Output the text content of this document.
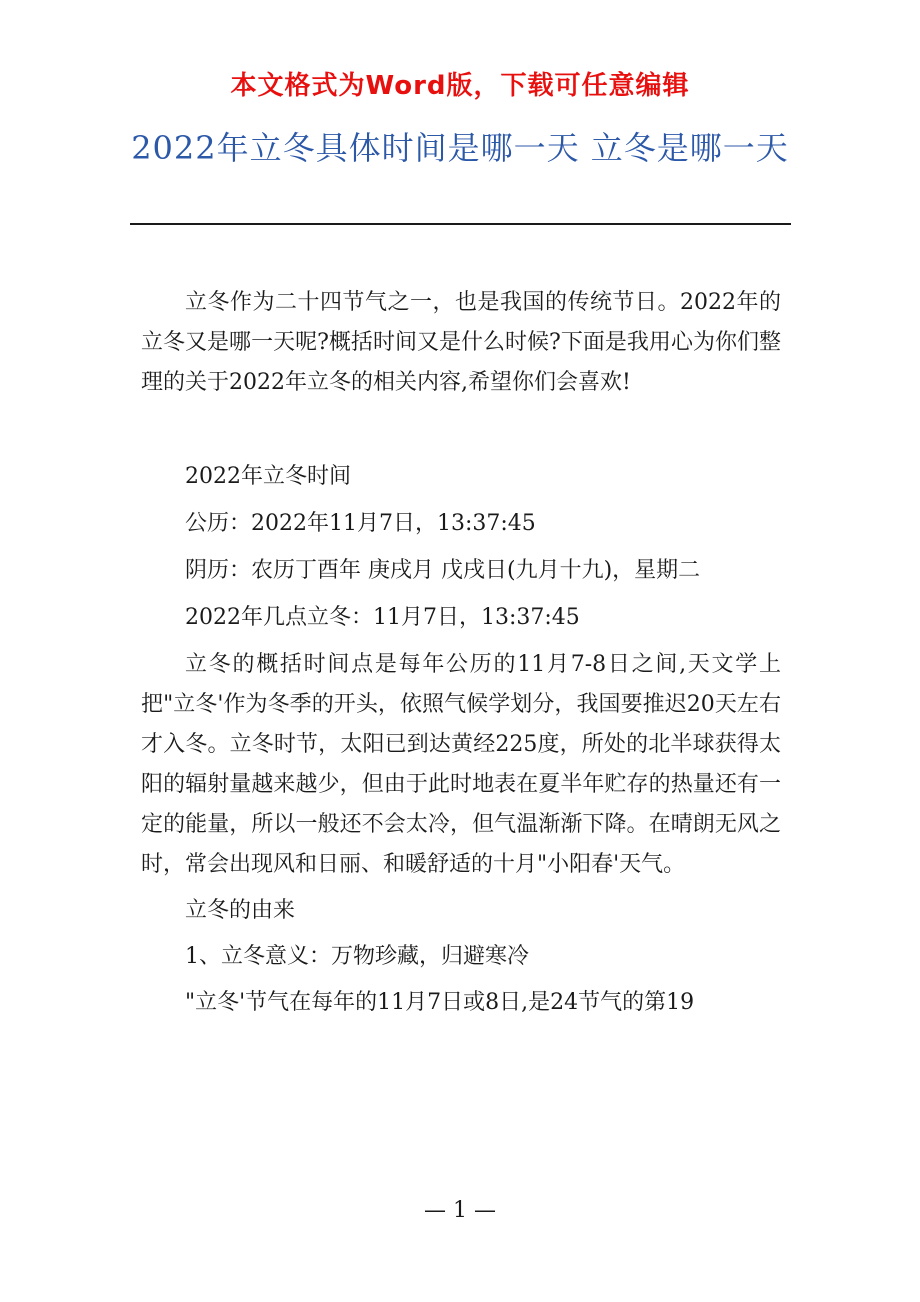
本文格式为Word版，下载可任意编辑
2022年立冬具体时间是哪一天 立冬是哪一天

立冬作为二十四节气之一，也是我国的传统节日。2022年的立冬又是哪一天呢?概括时间又是什么时候?下面是我用心为你们整理的关于2022年立冬的相关内容,希望你们会喜欢!

2022年立冬时间

公历：2022年11月7日，13:37:45

阴历：农历丁酉年 庚戌月 戊戌日(九月十九)，星期二

2022年几点立冬：11月7日，13:37:45

立冬的概括时间点是每年公历的11月7-8日之间,天文学上把"立冬'作为冬季的开头，依照气候学划分，我国要推迟20天左右才入冬。立冬时节，太阳已到达黄经225度，所处的北半球获得太阳的辐射量越来越少，但由于此时地表在夏半年贮存的热量还有一定的能量，所以一般还不会太冷，但气温渐渐下降。在晴朗无风之时，常会出现风和日丽、和暖舒适的十月"小阳春'天气。

立冬的由来

1、立冬意义：万物珍藏，归避寒冷

"立冬'节气在每年的11月7日或8日,是24节气的第19

— 1 —
